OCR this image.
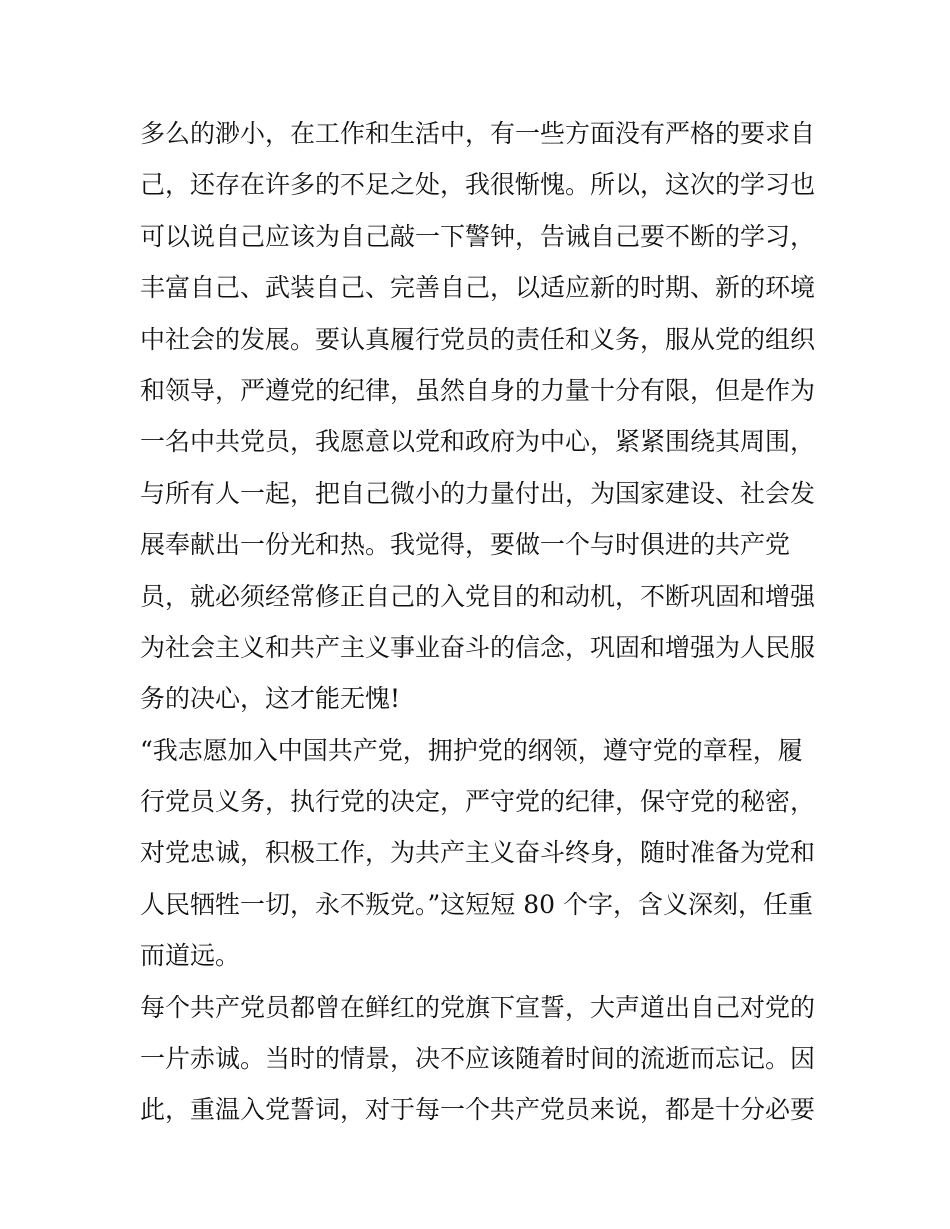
多么的渺小，在工作和生活中，有一些方面没有严格的要求自
己，还存在许多的不足之处，我很惭愧。所以，这次的学习也
可以说自己应该为自己敲一下警钟，告诫自己要不断的学习，
丰富自己、武装自己、完善自己，以适应新的时期、新的环境
中社会的发展。要认真履行党员的责任和义务，服从党的组织
和领导，严遵党的纪律，虽然自身的力量十分有限，但是作为
一名中共党员，我愿意以党和政府为中心，紧紧围绕其周围，
与所有人一起，把自己微小的力量付出，为国家建设、社会发
展奉献出一份光和热。我觉得，要做一个与时俱进的共产党
员，就必须经常修正自己的入党目的和动机，不断巩固和增强
为社会主义和共产主义事业奋斗的信念，巩固和增强为人民服
务的决心，这才能无愧!
“我志愿加入中国共产党，拥护党的纲领，遵守党的章程，履
行党员义务，执行党的决定，严守党的纪律，保守党的秘密，
对党忠诚，积极工作，为共产主义奋斗终身，随时准备为党和
人民牺牲一切，永不叛党。”这短短 80 个字，含义深刻，任重
而道远。
每个共产党员都曾在鲜红的党旗下宣誓，大声道出自己对党的
一片赤诚。当时的情景，决不应该随着时间的流逝而忘记。因
此，重温入党誓词，对于每一个共产党员来说，都是十分必要
